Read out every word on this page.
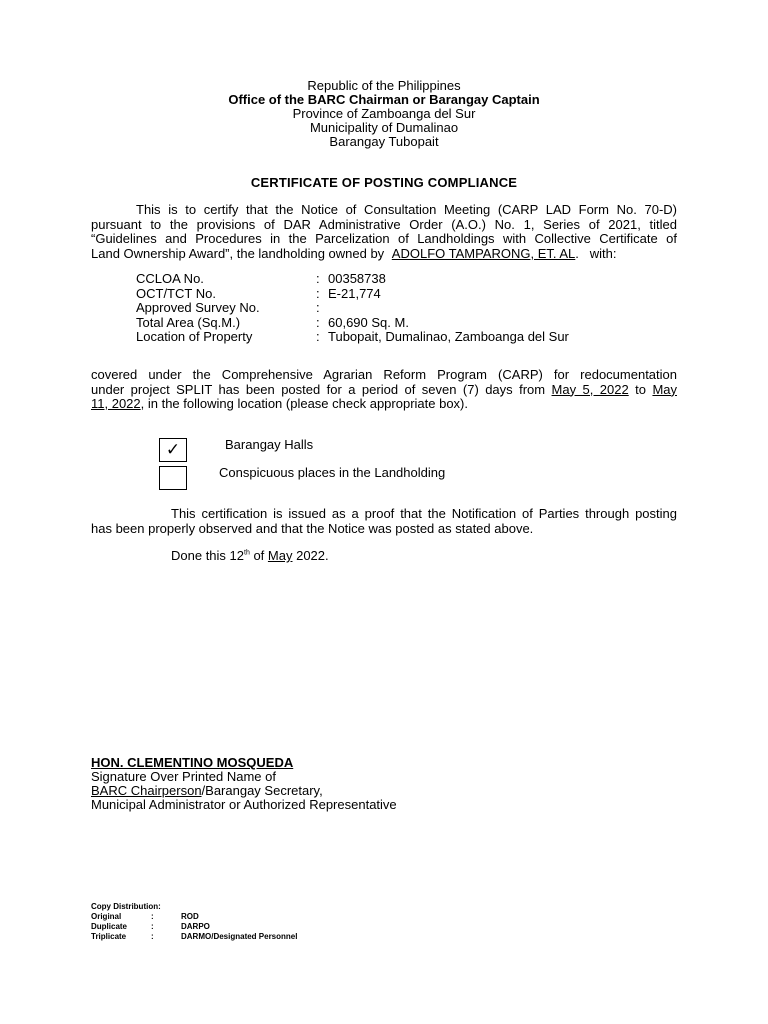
Republic of the Philippines
Office of the BARC Chairman or Barangay Captain
Province of Zamboanga del Sur
Municipality of Dumalinao
Barangay Tubopait
CERTIFICATE OF POSTING COMPLIANCE
This is to certify that the Notice of Consultation Meeting (CARP LAD Form No. 70-D)
pursuant to the provisions of DAR Administrative Order (A.O.) No. 1, Series of 2021, titled
“Guidelines and Procedures in the Parcelization of Landholdings with Collective Certificate of
Land Ownership Award”, the landholding owned by ADOLFO TAMPARONG, ET. AL.   with:
CCLOA No.	: 00358738
OCT/TCT No.	: E-21,774
Approved Survey No.	:
Total Area (Sq.M.)	: 60,690 Sq. M.
Location of Property	: Tubopait, Dumalinao, Zamboanga del Sur
covered under the Comprehensive Agrarian Reform Program (CARP) for redocumentation
under project SPLIT has been posted for a period of seven (7) days from May 5, 2022 to May
11, 2022, in the following location (please check appropriate box).
✓	Barangay Halls
Conspicuous places in the Landholding
This certification is issued as a proof that the Notification of Parties through posting
has been properly observed and that the Notice was posted as stated above.
Done this 12th of May 2022.
HON. CLEMENTINO MOSQUEDA
Signature Over Printed Name of
BARC Chairperson/Barangay Secretary,
Municipal Administrator or Authorized Representative
Copy Distribution:
Original	:	ROD
Duplicate	:	DARPO
Triplicate	:	DARMO/Designated Personnel
